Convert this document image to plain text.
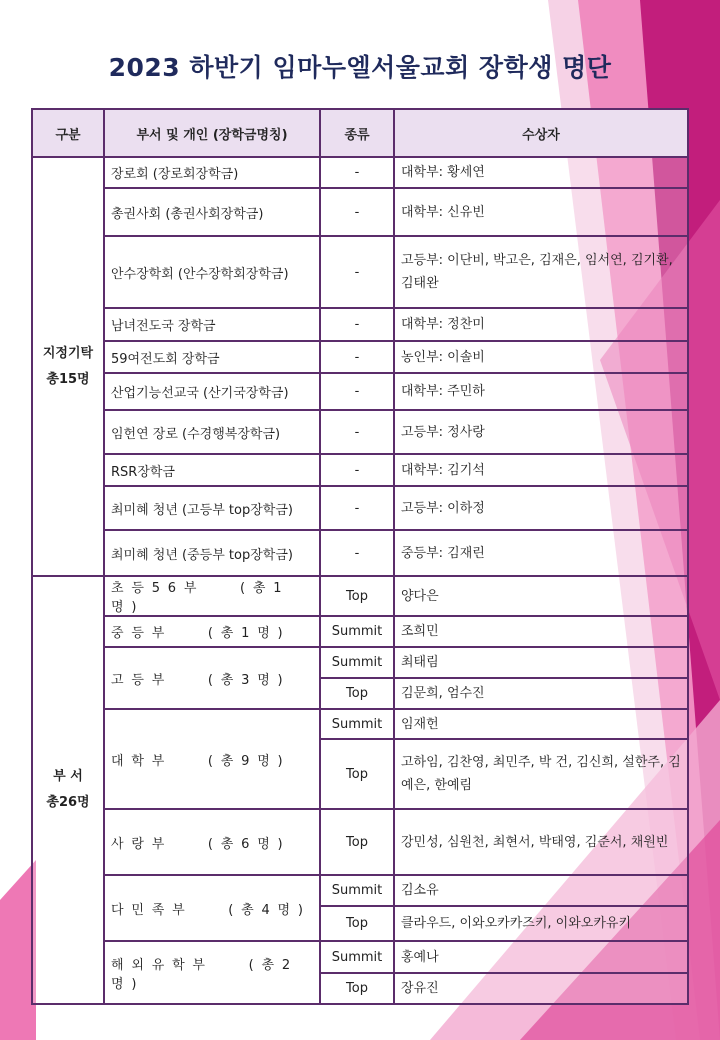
2023 하반기 임마누엘서울교회 장학생 명단
구분	부서 및 개인 (장학금명칭)	종류	수상자

지정기탁
총15명	장로회 (장로회장학금)	-	대학부: 황세연
	총권사회 (총권사회장학금)	-	대학부: 신유빈
	안수장학회 (안수장학회장학금)	-	고등부: 이단비, 박고은, 김재은, 임서연, 김기환, 김태완
	남녀전도국 장학금	-	대학부: 정찬미
	59여전도회 장학금	-	농인부: 이솔비
	산업기능선교국 (산기국장학금)	-	대학부: 주민하
	임헌연 장로 (수경행복장학금)	-	고등부: 정사랑
	RSR장학금	-	대학부: 김기석
	최미혜 청년 (고등부 top장학금)	-	고등부: 이하정
	최미혜 청년 (중등부 top장학금)	-	중등부: 김재린

부 서
총26명	초등56부 (총1명)	Top	양다은
	중등부 (총1명)	Summit	조희민
	고등부 (총3명)	Summit	최태림
		Top	김문희, 엄수진
	대학부 (총9명)	Summit	임재헌
		Top	고하임, 김찬영, 최민주, 박 건, 김신희, 설한주, 김예은, 한예림
	사랑부 (총6명)	Top	강민성, 심원천, 최현서, 박태영, 김준서, 채원빈
	다민족부 (총4명)	Summit	김소유
		Top	클라우드, 이와오카카즈키, 이와오카유키
	해외유학부 (총2명)	Summit	홍예나
		Top	장유진
